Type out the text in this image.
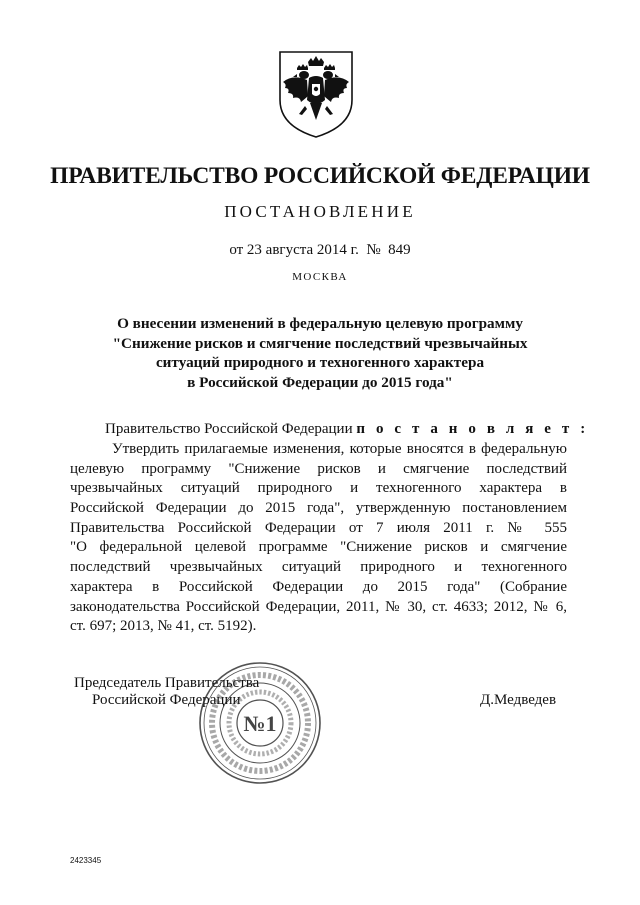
ПРАВИТЕЛЬСТВО РОССИЙСКОЙ ФЕДЕРАЦИИ
ПОСТАНОВЛЕНИЕ
от 23 августа 2014 г.  №  849
МОСКВА
О внесении изменений в федеральную целевую программу
"Снижение рисков и смягчение последствий чрезвычайных
ситуаций природного и техногенного характера
в Российской Федерации до 2015 года"
Правительство Российской Федерации п о с т а н о в л я е т :
Утвердить прилагаемые изменения, которые вносятся в федеральную
целевую программу "Снижение рисков и смягчение последствий
чрезвычайных ситуаций природного и техногенного характера в
Российской Федерации до 2015 года", утвержденную постановлением
Правительства Российской Федерации от 7 июля 2011 г. № 555
"О федеральной целевой программе "Снижение рисков и смягчение
последствий чрезвычайных ситуаций природного и техногенного
характера в Российской Федерации до 2015 года" (Собрание
законодательства Российской Федерации, 2011, № 30, ст. 4633; 2012, № 6,
ст. 697; 2013, № 41, ст. 5192).
Председатель Правительства
Российской Федерации	Д.Медведев
№1
2423345
